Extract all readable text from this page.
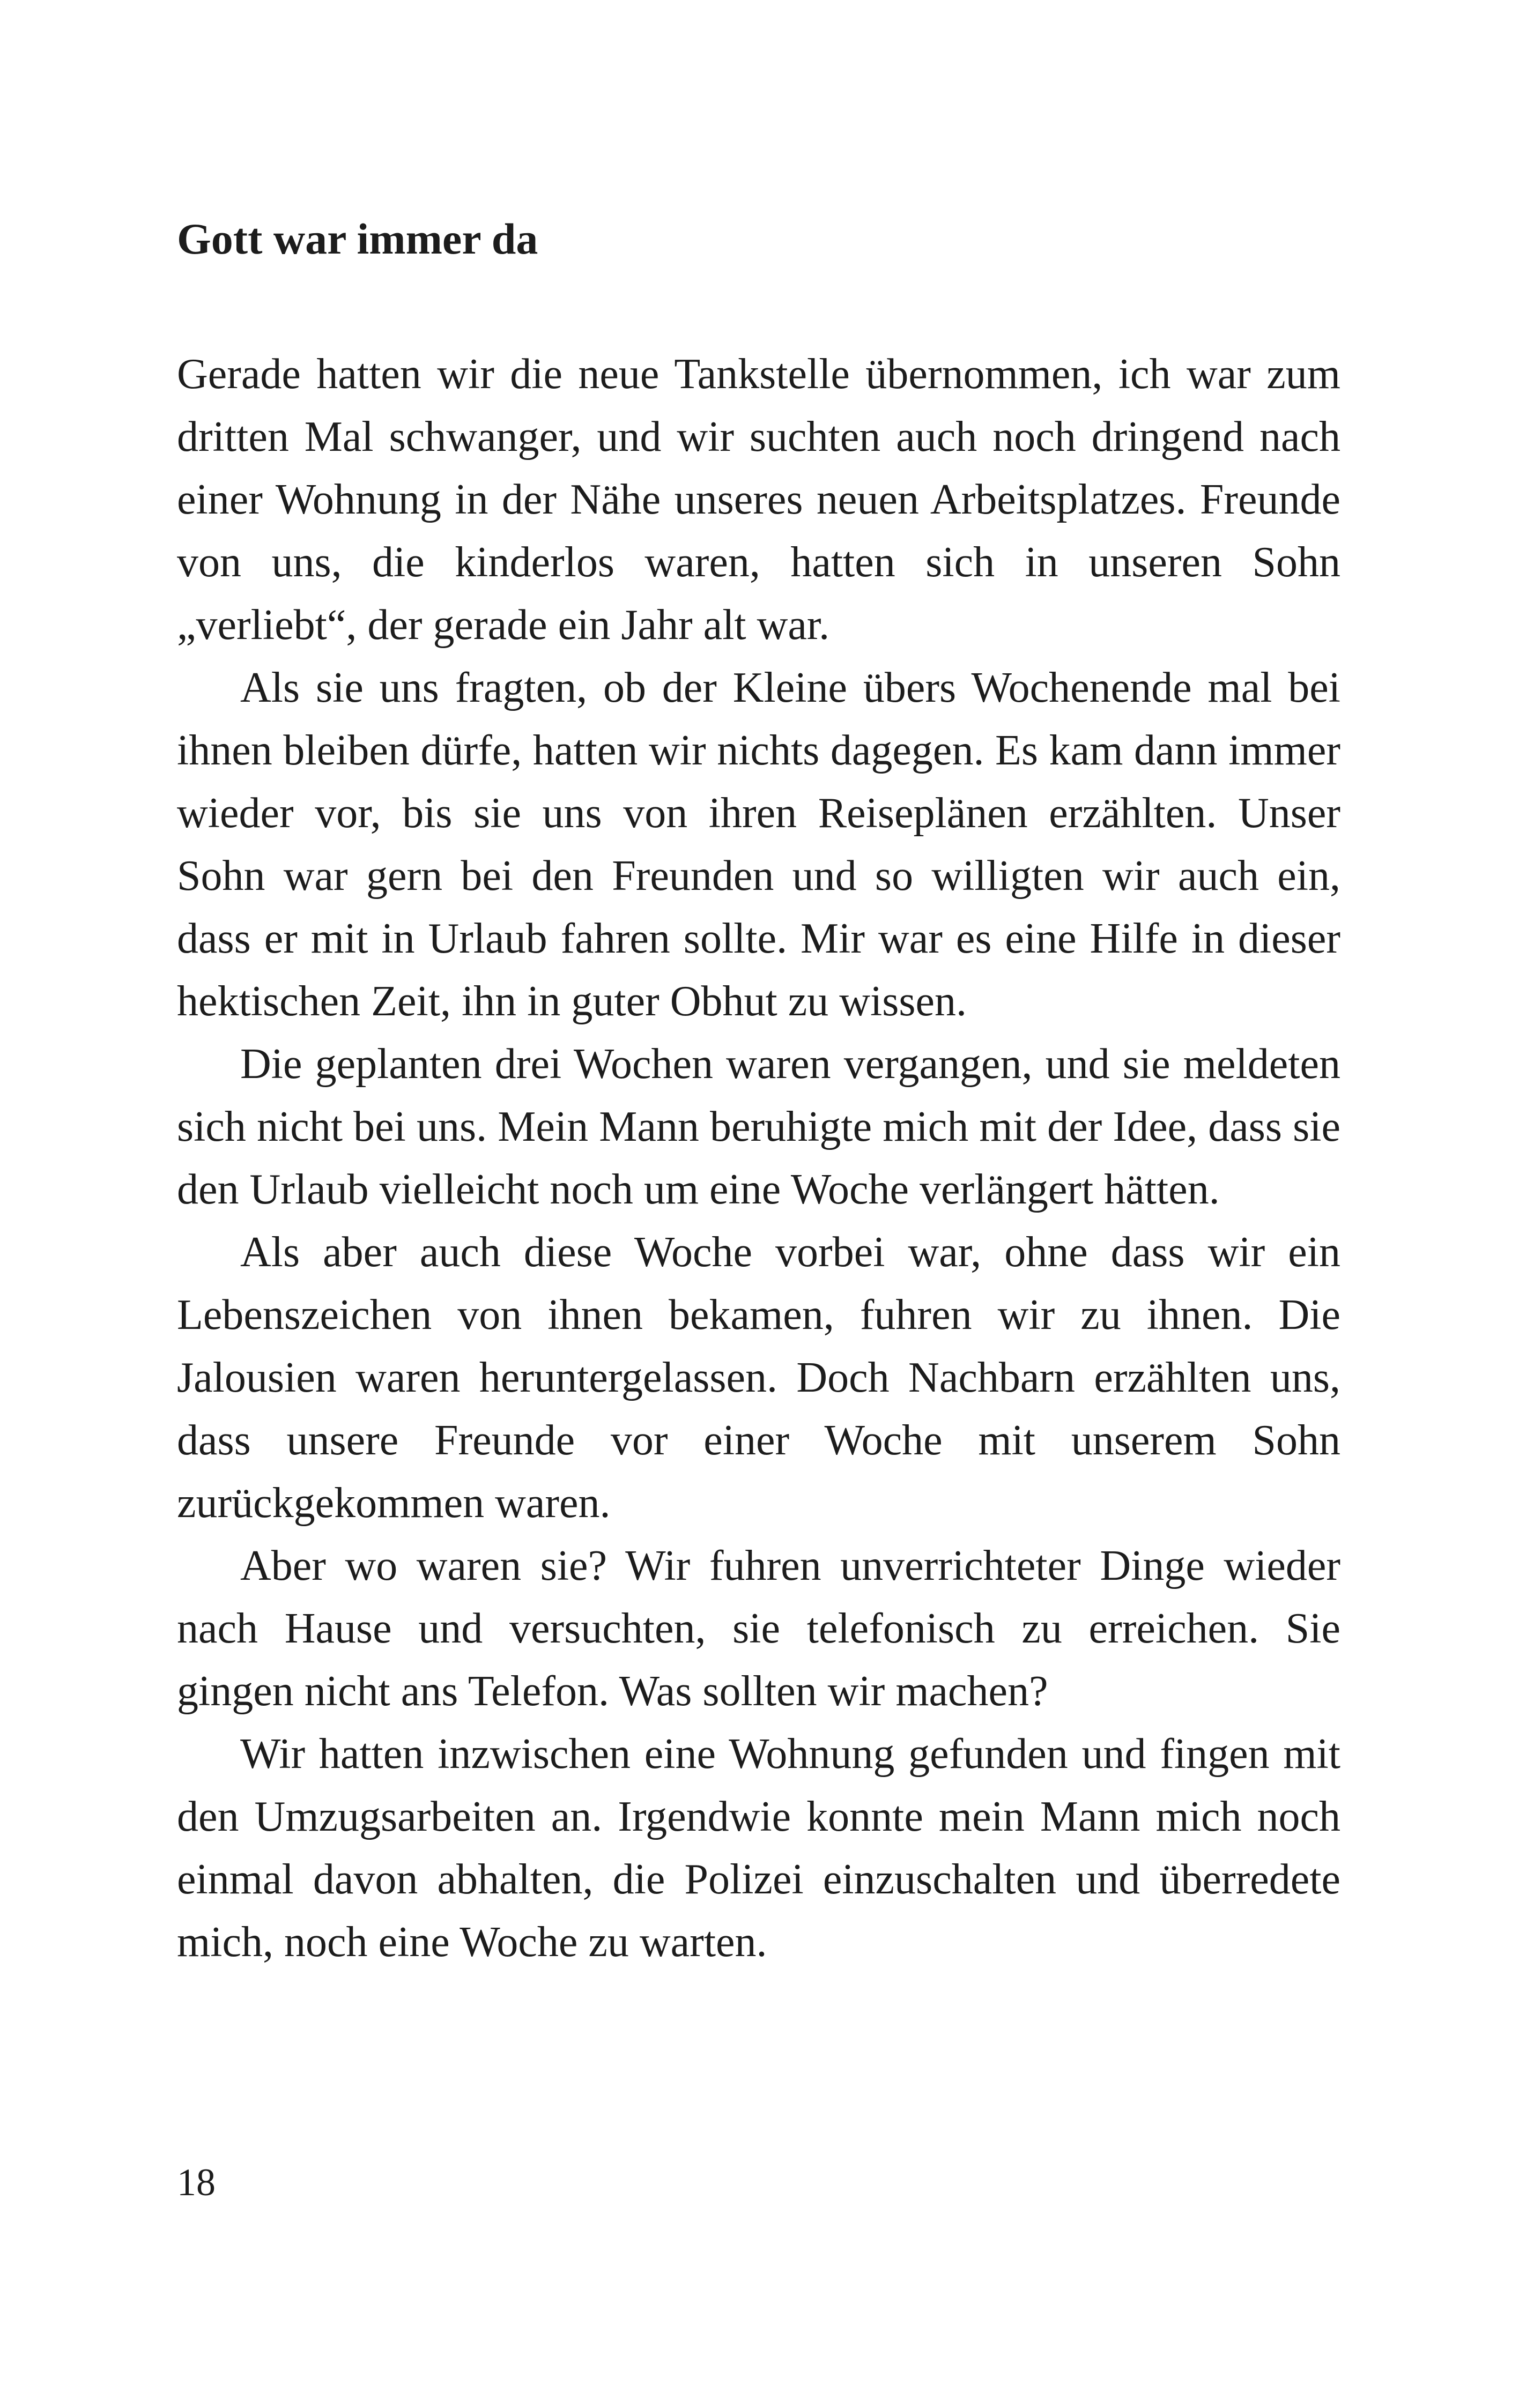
Gott war immer da

Gerade hatten wir die neue Tankstelle übernommen, ich war zum dritten Mal schwanger, und wir suchten auch noch dringend nach einer Wohnung in der Nähe unseres neuen Arbeitsplatzes. Freunde von uns, die kinderlos waren, hatten sich in unseren Sohn „verliebt“, der gerade ein Jahr alt war.

Als sie uns fragten, ob der Kleine übers Wochenende mal bei ihnen bleiben dürfe, hatten wir nichts dagegen. Es kam dann immer wieder vor, bis sie uns von ihren Reiseplänen erzählten. Unser Sohn war gern bei den Freunden und so willigten wir auch ein, dass er mit in Urlaub fahren sollte. Mir war es eine Hilfe in dieser hektischen Zeit, ihn in guter Obhut zu wissen.

Die geplanten drei Wochen waren vergangen, und sie meldeten sich nicht bei uns. Mein Mann beruhigte mich mit der Idee, dass sie den Urlaub vielleicht noch um eine Woche verlängert hätten.

Als aber auch diese Woche vorbei war, ohne dass wir ein Lebenszeichen von ihnen bekamen, fuhren wir zu ihnen. Die Jalousien waren heruntergelassen. Doch Nachbarn erzählten uns, dass unsere Freunde vor einer Woche mit unserem Sohn zurückgekommen waren.

Aber wo waren sie? Wir fuhren unverrichteter Dinge wieder nach Hause und versuchten, sie telefonisch zu erreichen. Sie gingen nicht ans Telefon. Was sollten wir machen?

Wir hatten inzwischen eine Wohnung gefunden und fingen mit den Umzugsarbeiten an. Irgendwie konnte mein Mann mich noch einmal davon abhalten, die Polizei einzuschalten und überredete mich, noch eine Woche zu warten.

18
